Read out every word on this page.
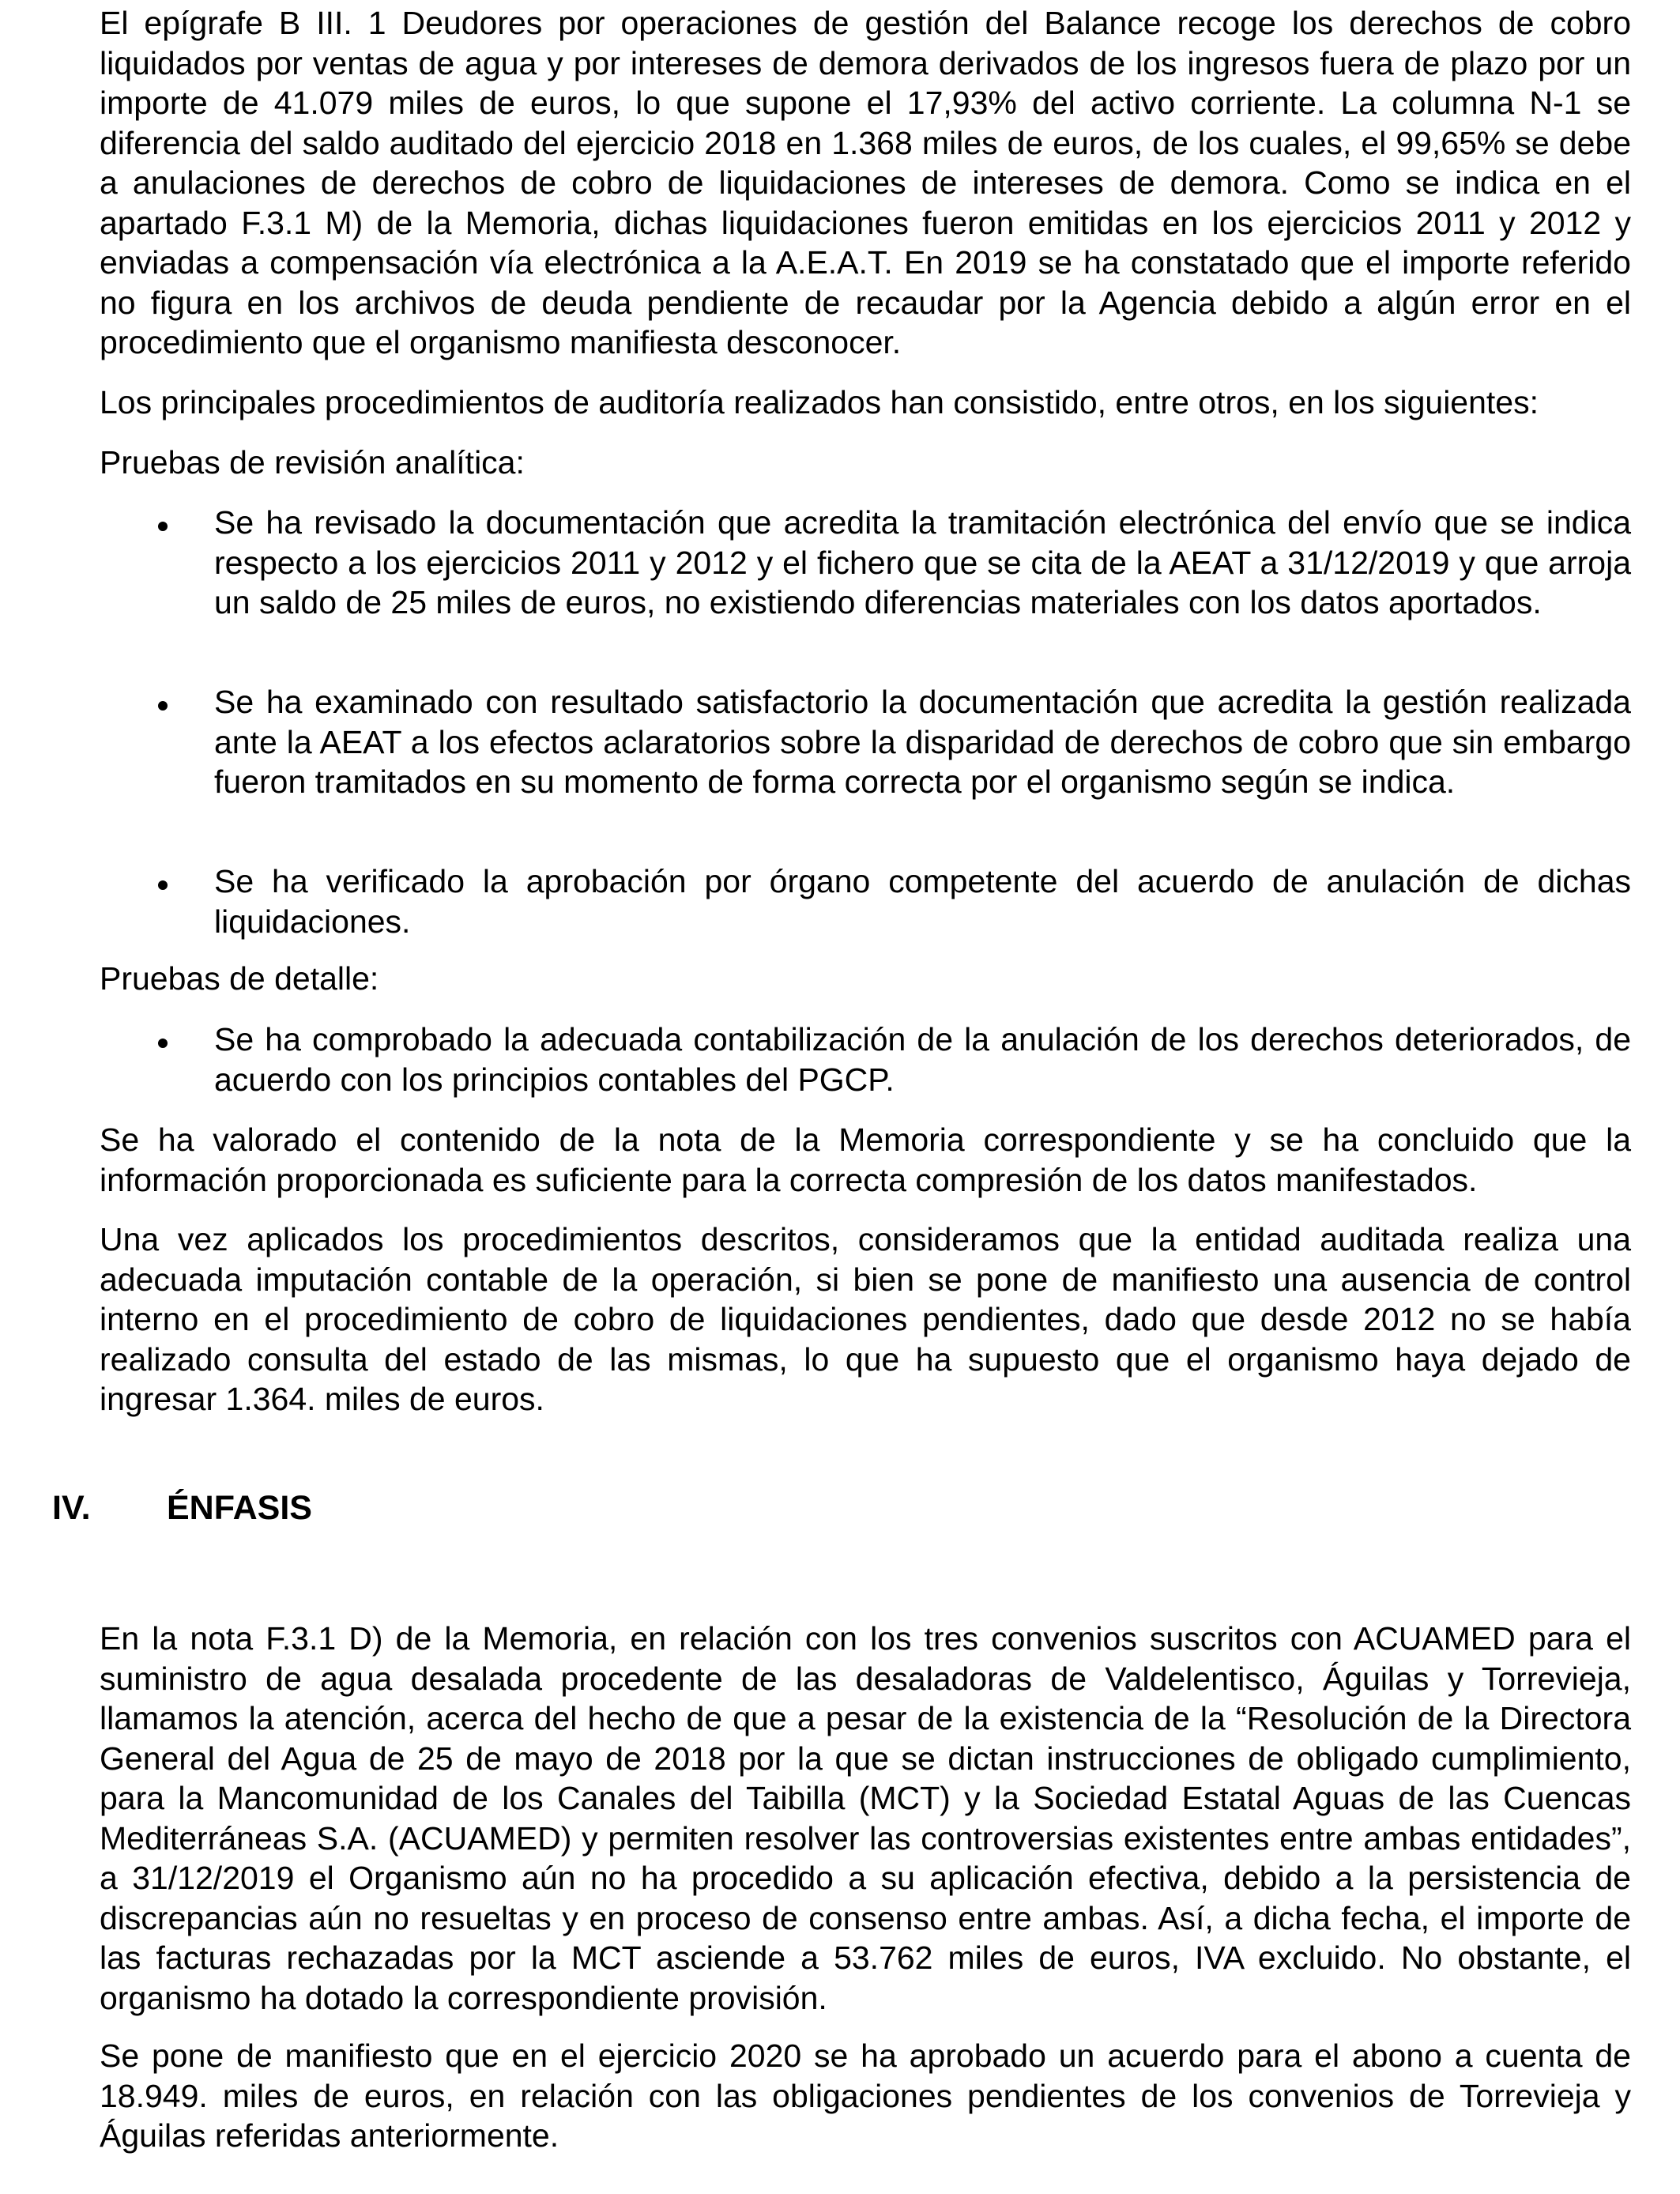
El epígrafe B III. 1 Deudores por operaciones de gestión del Balance recoge los derechos de cobro liquidados por ventas de agua y por intereses de demora derivados de los ingresos fuera de plazo por un importe de 41.079 miles de euros, lo que supone el 17,93% del activo corriente. La columna N-1 se diferencia del saldo auditado del ejercicio 2018 en 1.368 miles de euros, de los cuales, el 99,65% se debe a anulaciones de derechos de cobro de liquidaciones de intereses de demora. Como se indica en el apartado F.3.1 M) de la Memoria, dichas liquidaciones fueron emitidas en los ejercicios 2011 y 2012 y enviadas a compensación vía electrónica a la A.E.A.T. En 2019 se ha constatado que el importe referido no figura en los archivos de deuda pendiente de recaudar por la Agencia debido a algún error en el procedimiento que el organismo manifiesta desconocer.

Los principales procedimientos de auditoría realizados han consistido, entre otros, en los siguientes:

Pruebas de revisión analítica:

Se ha revisado la documentación que acredita la tramitación electrónica del envío que se indica respecto a los ejercicios 2011 y 2012 y el fichero que se cita de la AEAT a 31/12/2019 y que arroja un saldo de 25 miles de euros, no existiendo diferencias materiales con los datos aportados.
Se ha examinado con resultado satisfactorio la documentación que acredita la gestión realizada ante la AEAT a los efectos aclaratorios sobre la disparidad de derechos de cobro que sin embargo fueron tramitados en su momento de forma correcta por el organismo según se indica.
Se ha verificado la aprobación por órgano competente del acuerdo de anulación de dichas liquidaciones.

Pruebas de detalle:

Se ha comprobado la adecuada contabilización de la anulación de los derechos deteriorados, de acuerdo con los principios contables del PGCP.

Se ha valorado el contenido de la nota de la Memoria correspondiente y se ha concluido que la información proporcionada es suficiente para la correcta compresión de los datos manifestados.

Una vez aplicados los procedimientos descritos, consideramos que la entidad auditada realiza una adecuada imputación contable de la operación, si bien se pone de manifiesto una ausencia de control interno en el procedimiento de cobro de liquidaciones pendientes, dado que desde 2012 no se había realizado consulta del estado de las mismas, lo que ha supuesto que el organismo haya dejado de ingresar 1.364. miles de euros.

En la nota F.3.1 D) de la Memoria, en relación con los tres convenios suscritos con ACUAMED para el suministro de agua desalada procedente de las desaladoras de Valdelentisco, Águilas y Torrevieja, llamamos la atención, acerca del hecho de que a pesar de la existencia de la “Resolución de la Directora General del Agua de 25 de mayo de 2018 por la que se dictan instrucciones de obligado cumplimiento, para la Mancomunidad de los Canales del Taibilla (MCT) y la Sociedad Estatal Aguas de las Cuencas Mediterráneas S.A. (ACUAMED) y permiten resolver las controversias existentes entre ambas entidades”, a 31/12/2019 el Organismo aún no ha procedido a su aplicación efectiva, debido a la persistencia de discrepancias aún no resueltas y en proceso de consenso entre ambas. Así, a dicha fecha, el importe de las facturas rechazadas por la MCT asciende a 53.762 miles de euros, IVA excluido. No obstante, el organismo ha dotado la correspondiente provisión.

Se pone de manifiesto que en el ejercicio 2020 se ha aprobado un acuerdo para el abono a cuenta de 18.949. miles de euros, en relación con las obligaciones pendientes de los convenios de Torrevieja y Águilas referidas anteriormente.

IV. ÉNFASIS
